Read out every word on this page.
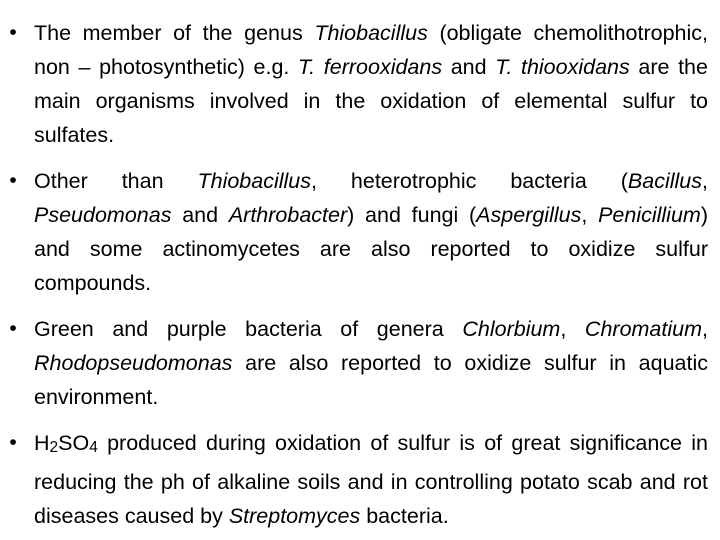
• The member of the genus Thiobacillus (obligate chemolithotrophic, non – photosynthetic) e.g. T. ferrooxidans and T. thiooxidans are the main organisms involved in the oxidation of elemental sulfur to sulfates.

• Other than Thiobacillus, heterotrophic bacteria (Bacillus, Pseudomonas and Arthrobacter) and fungi (Aspergillus, Penicillium) and some actinomycetes are also reported to oxidize sulfur compounds.

• Green and purple bacteria of genera Chlorbium, Chromatium, Rhodopseudomonas are also reported to oxidize sulfur in aquatic environment.

• H2SO4 produced during oxidation of sulfur is of great significance in reducing the ph of alkaline soils and in controlling potato scab and rot diseases caused by Streptomyces bacteria.
